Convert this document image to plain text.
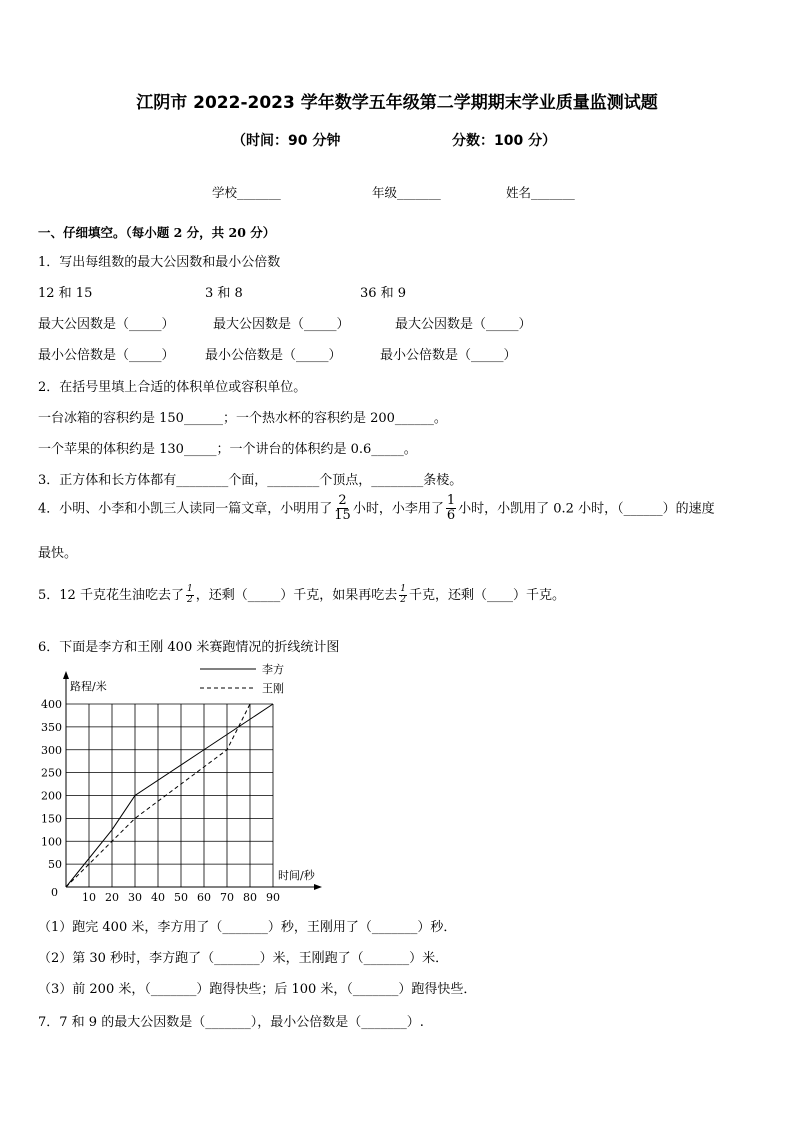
江阴市 2022-2023 学年数学五年级第二学期期末学业质量监测试题
（时间：90 分钟	分数：100 分）
学校_______	年级_______	姓名_______
一、仔细填空。（每小题 2 分，共 20 分）
1．写出每组数的最大公因数和最小公倍数
12 和 15	3 和 8	36 和 9
最大公因数是（_____）	最大公因数是（_____）	最大公因数是（_____）
最小公倍数是（_____） 最小公倍数是（_____）	最小公倍数是（_____）
2．在括号里填上合适的体积单位或容积单位。
一台冰箱的容积约是 150______；一个热水杯的容积约是 200______。
一个苹果的体积约是 130_____；一个讲台的体积约是 0.6_____。
3．正方体和长方体都有________个面，________个顶点，________条棱。
4．小明、小李和小凯三人读同一篇文章，小明用了 $\frac{2}{15}$ 小时，小李用了 $\frac{1}{6}$ 小时，小凯用了 0.2 小时，（______）的速度
最快。
5．12 千克花生油吃去了 $\frac{1}{2}$ ，还剩（_____）千克，如果再吃去 $\frac{1}{2}$ 千克，还剩（____）千克。
6．下面是李方和王刚 400 米赛跑情况的折线统计图
李方
王刚
10 20 30 40 50 60 70 80 90
50
100
150
200
250
300
350
400
0
路程/米
时间/秒
（1）跑完 400 米，李方用了（_______）秒，王刚用了（_______）秒．
（2）第 30 秒时，李方跑了（_______）米，王刚跑了（_______）米．
（3）前 200 米，（_______）跑得快些；后 100 米，（_______）跑得快些．
7．7 和 9 的最大公因数是（_______），最小公倍数是（_______）.
